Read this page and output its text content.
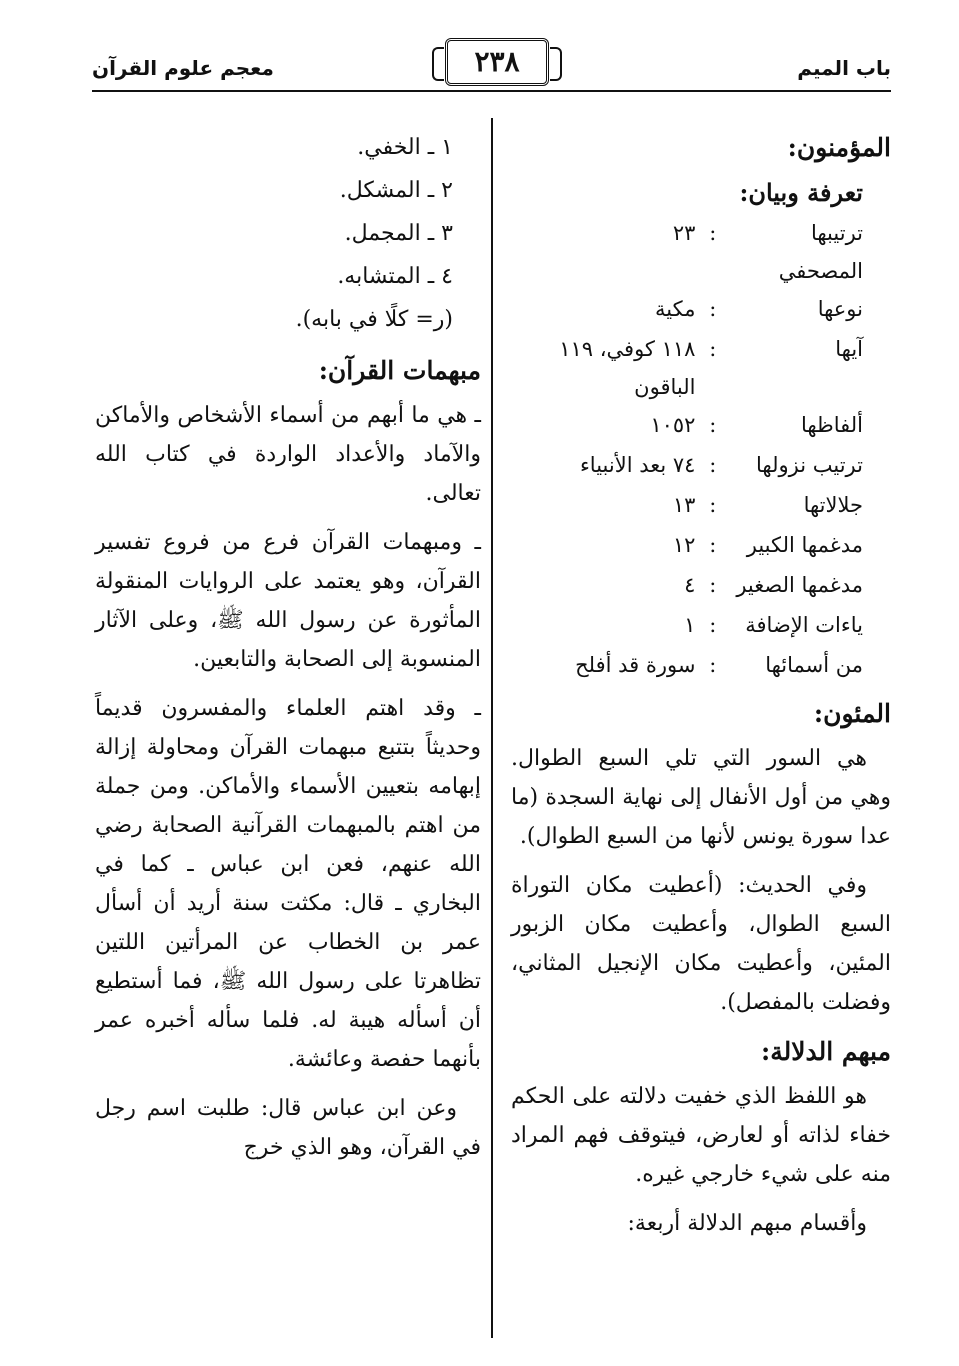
باب الميم
٢٣٨
معجم علوم القرآن
المؤمنون:
تعرفة وبيان:
ترتيبها المصحفي	:	٢٣
نوعها	:	مكية
آيها	:	١١٨ كوفي، ١١٩ الباقون
ألفاظها	:	١٠٥٢
ترتيب نزولها	:	٧٤ بعد الأنبياء
جلالاتها	:	١٣
مدغمها الكبير	:	١٢
مدغمها الصغير	:	٤
ياءات الإضافة	:	١
من أسمائها	:	سورة قد أفلح
المئون:

هي السور التي تلي السبع الطوال. وهي من أول الأنفال إلى نهاية السجدة (ما عدا سورة يونس لأنها من السبع الطوال).

وفي الحديث: (أعطيت مكان التوراة السبع الطوال، وأعطيت مكان الزبور المئين، وأعطيت مكان الإنجيل المثاني، وفضلت بالمفصل).

مبهم الدلالة:

هو اللفظ الذي خفيت دلالته على الحكم خفاء لذاته أو لعارض، فيتوقف فهم المراد منه على شيء خارجي غيره.

وأقسام مبهم الدلالة أربعة:

١ ـ الخفي.
٢ ـ المشكل.
٣ ـ المجمل.
٤ ـ المتشابه.
(ر= كلًا في بابه).
مبهمات القرآن:

ـ هي ما أبهم من أسماء الأشخاص والأماكن والآماد والأعداد الواردة في كتاب الله تعالى.

ـ ومبهمات القرآن فرع من فروع تفسير القرآن، وهو يعتمد على الروايات المنقولة المأثورة عن رسول الله ﷺ، وعلى الآثار المنسوبة إلى الصحابة والتابعين.

ـ وقد اهتم العلماء والمفسرون قديماً وحديثاً بتتبع مبهمات القرآن ومحاولة إزالة إبهامه بتعيين الأسماء والأماكن. ومن جملة من اهتم بالمبهمات القرآنية الصحابة رضي الله عنهم، فعن ابن عباس ـ كما في البخاري ـ قال: مكثت سنة أريد أن أسأل عمر بن الخطاب عن المرأتين اللتين تظاهرتا على رسول الله ﷺ، فما أستطيع أن أسأله هيبة له. فلما سأله أخبره عمر بأنهما حفصة وعائشة.

وعن ابن عباس قال: طلبت اسم رجل في القرآن، وهو الذي خرج
